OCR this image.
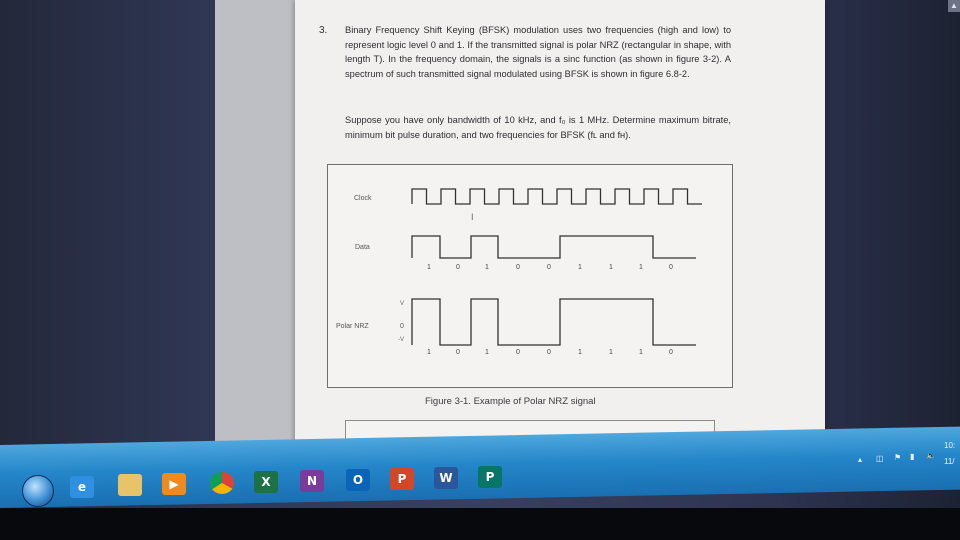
▲
3. Binary Frequency Shift Keying (BFSK) modulation uses two frequencies (high and low) to represent logic level 0 and 1. If the transmitted signal is polar NRZ (rectangular in shape, with length T). In the frequency domain, the signals is a sinc function (as shown in figure 3-2). A spectrum of such transmitted signal modulated using BFSK is shown in figure 6.8-2.

Suppose you have only bandwidth of 10 kHz, and f₀ is 1 MHz. Determine maximum bitrate, minimum bit pulse duration, and two frequencies for BFSK (fʟ and fʜ).

Clock
I
Data
1	0	1	0	0	1	1	1	0
V
0
-V
Polar NRZ
1	0	1	0	0	1	1	1	0
Figure 3-1. Example of Polar NRZ signal
e	▶	X	N	O	P	W	P
▴ ◫ ⚑ ▮ 🔈
10:
11/
